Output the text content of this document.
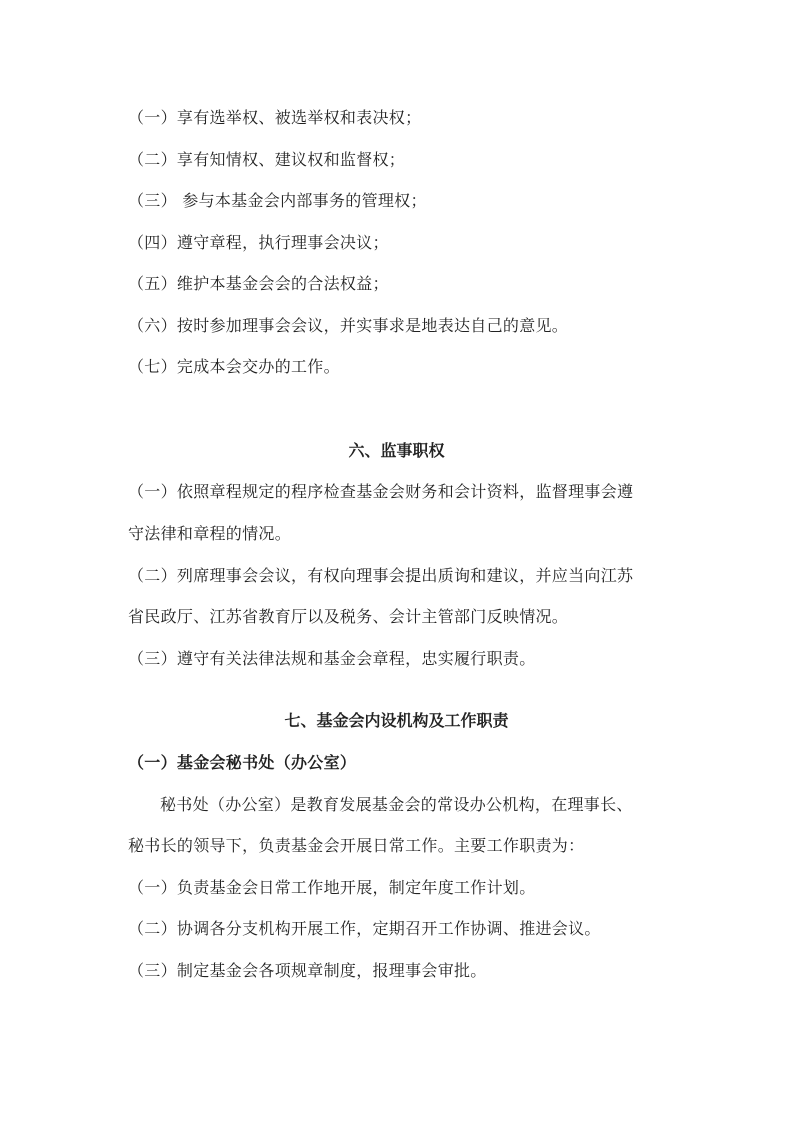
（一）享有选举权、被选举权和表决权；
（二）享有知情权、建议权和监督权；
（三） 参与本基金会内部事务的管理权；
（四）遵守章程，执行理事会决议；
（五）维护本基金会会的合法权益；
（六）按时参加理事会会议，并实事求是地表达自己的意见。
（七）完成本会交办的工作。
六、监事职权
（一）依照章程规定的程序检查基金会财务和会计资料，监督理事会遵
守法律和章程的情况。
（二）列席理事会会议，有权向理事会提出质询和建议，并应当向江苏
省民政厅、江苏省教育厅以及税务、会计主管部门反映情况。
（三）遵守有关法律法规和基金会章程，忠实履行职责。
七、基金会内设机构及工作职责
（一）基金会秘书处（办公室）
秘书处（办公室）是教育发展基金会的常设办公机构，在理事长、
秘书长的领导下，负责基金会开展日常工作。主要工作职责为：
（一）负责基金会日常工作地开展，制定年度工作计划。
（二）协调各分支机构开展工作，定期召开工作协调、推进会议。
（三）制定基金会各项规章制度，报理事会审批。
